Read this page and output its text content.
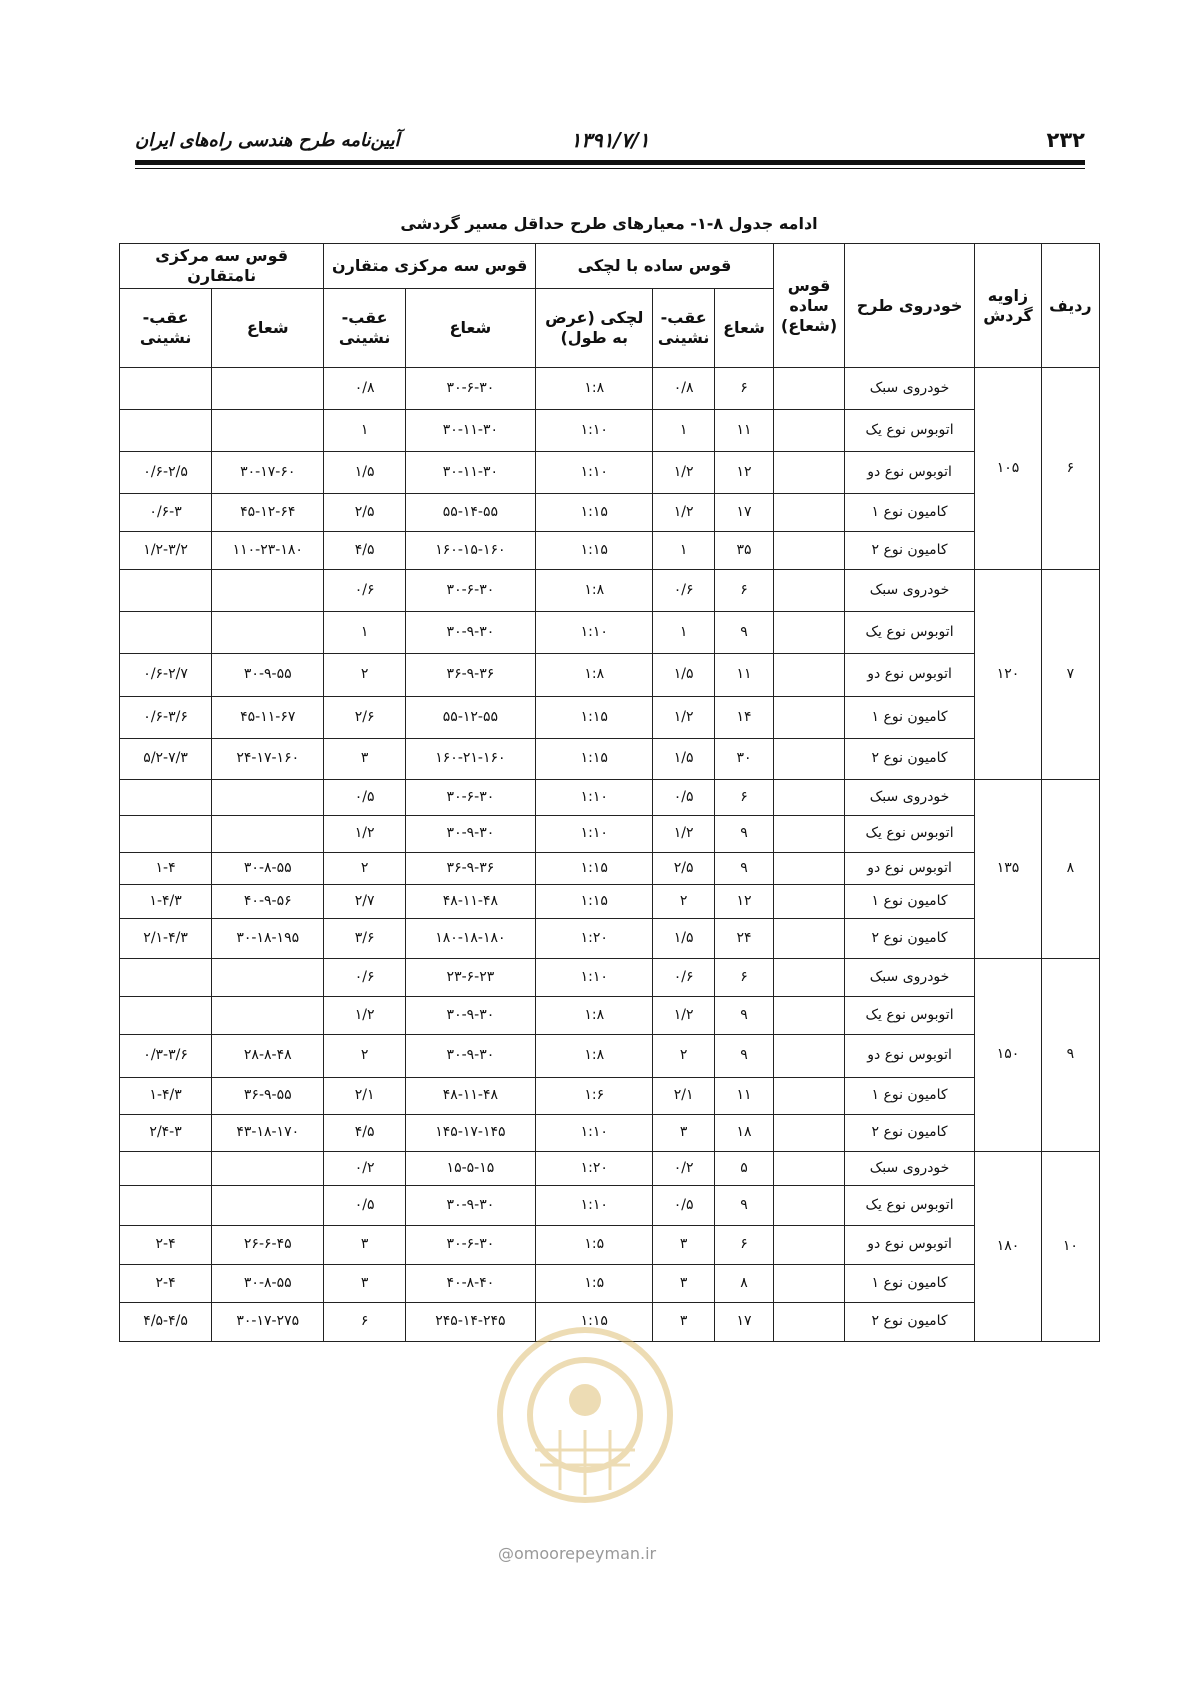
۲۳۲
۱۳۹۱/۷/۱
آیین‌نامه طرح هندسی راه‌های ایران
ادامه جدول ۸-۱- معیارهای طرح حداقل مسیر گردشی
ردیف	زاویه گردش	خودروی طرح	قوس ساده (شعاع)	قوس ساده با لچکی			قوس سه مرکزی متقارن		قوس سه مرکزی نامتقارن	
				شعاع	عقب- نشینی	لچکی (عرض به طول)	شعاع	عقب- نشینی	شعاع	عقب- نشینی
۶	۱۰۵	خودروی سبک		۶	۰/۸	۱:۸	۳۰-۶-۳۰	۰/۸		
		اتوبوس نوع یک		۱۱	۱	۱:۱۰	۳۰-۱۱-۳۰	۱		
		اتوبوس نوع دو		۱۲	۱/۲	۱:۱۰	۳۰-۱۱-۳۰	۱/۵	۳۰-۱۷-۶۰	۰/۶-۲/۵
		کامیون نوع ۱		۱۷	۱/۲	۱:۱۵	۵۵-۱۴-۵۵	۲/۵	۴۵-۱۲-۶۴	۰/۶-۳
		کامیون نوع ۲		۳۵	۱	۱:۱۵	۱۶۰-۱۵-۱۶۰	۴/۵	۱۱۰-۲۳-۱۸۰	۱/۲-۳/۲
۷	۱۲۰	خودروی سبک		۶	۰/۶	۱:۸	۳۰-۶-۳۰	۰/۶		
		اتوبوس نوع یک		۹	۱	۱:۱۰	۳۰-۹-۳۰	۱		
		اتوبوس نوع دو		۱۱	۱/۵	۱:۸	۳۶-۹-۳۶	۲	۳۰-۹-۵۵	۰/۶-۲/۷
		کامیون نوع ۱		۱۴	۱/۲	۱:۱۵	۵۵-۱۲-۵۵	۲/۶	۴۵-۱۱-۶۷	۰/۶-۳/۶
		کامیون نوع ۲		۳۰	۱/۵	۱:۱۵	۱۶۰-۲۱-۱۶۰	۳	۲۴-۱۷-۱۶۰	۵/۲-۷/۳
۸	۱۳۵	خودروی سبک		۶	۰/۵	۱:۱۰	۳۰-۶-۳۰	۰/۵		
		اتوبوس نوع یک		۹	۱/۲	۱:۱۰	۳۰-۹-۳۰	۱/۲		
		اتوبوس نوع دو		۹	۲/۵	۱:۱۵	۳۶-۹-۳۶	۲	۳۰-۸-۵۵	۱-۴
		کامیون نوع ۱		۱۲	۲	۱:۱۵	۴۸-۱۱-۴۸	۲/۷	۴۰-۹-۵۶	۱-۴/۳
		کامیون نوع ۲		۲۴	۱/۵	۱:۲۰	۱۸۰-۱۸-۱۸۰	۳/۶	۳۰-۱۸-۱۹۵	۲/۱-۴/۳
۹	۱۵۰	خودروی سبک		۶	۰/۶	۱:۱۰	۲۳-۶-۲۳	۰/۶		
		اتوبوس نوع یک		۹	۱/۲	۱:۸	۳۰-۹-۳۰	۱/۲		
		اتوبوس نوع دو		۹	۲	۱:۸	۳۰-۹-۳۰	۲	۲۸-۸-۴۸	۰/۳-۳/۶
		کامیون نوع ۱		۱۱	۲/۱	۱:۶	۴۸-۱۱-۴۸	۲/۱	۳۶-۹-۵۵	۱-۴/۳
		کامیون نوع ۲		۱۸	۳	۱:۱۰	۱۴۵-۱۷-۱۴۵	۴/۵	۴۳-۱۸-۱۷۰	۲/۴-۳
۱۰	۱۸۰	خودروی سبک		۵	۰/۲	۱:۲۰	۱۵-۵-۱۵	۰/۲		
		اتوبوس نوع یک		۹	۰/۵	۱:۱۰	۳۰-۹-۳۰	۰/۵		
		اتوبوس نوع دو		۶	۳	۱:۵	۳۰-۶-۳۰	۳	۲۶-۶-۴۵	۲-۴
		کامیون نوع ۱		۸	۳	۱:۵	۴۰-۸-۴۰	۳	۳۰-۸-۵۵	۲-۴
		کامیون نوع ۲		۱۷	۳	۱:۱۵	۲۴۵-۱۴-۲۴۵	۶	۳۰-۱۷-۲۷۵	۴/۵-۴/۵
@omoorepeyman.ir
